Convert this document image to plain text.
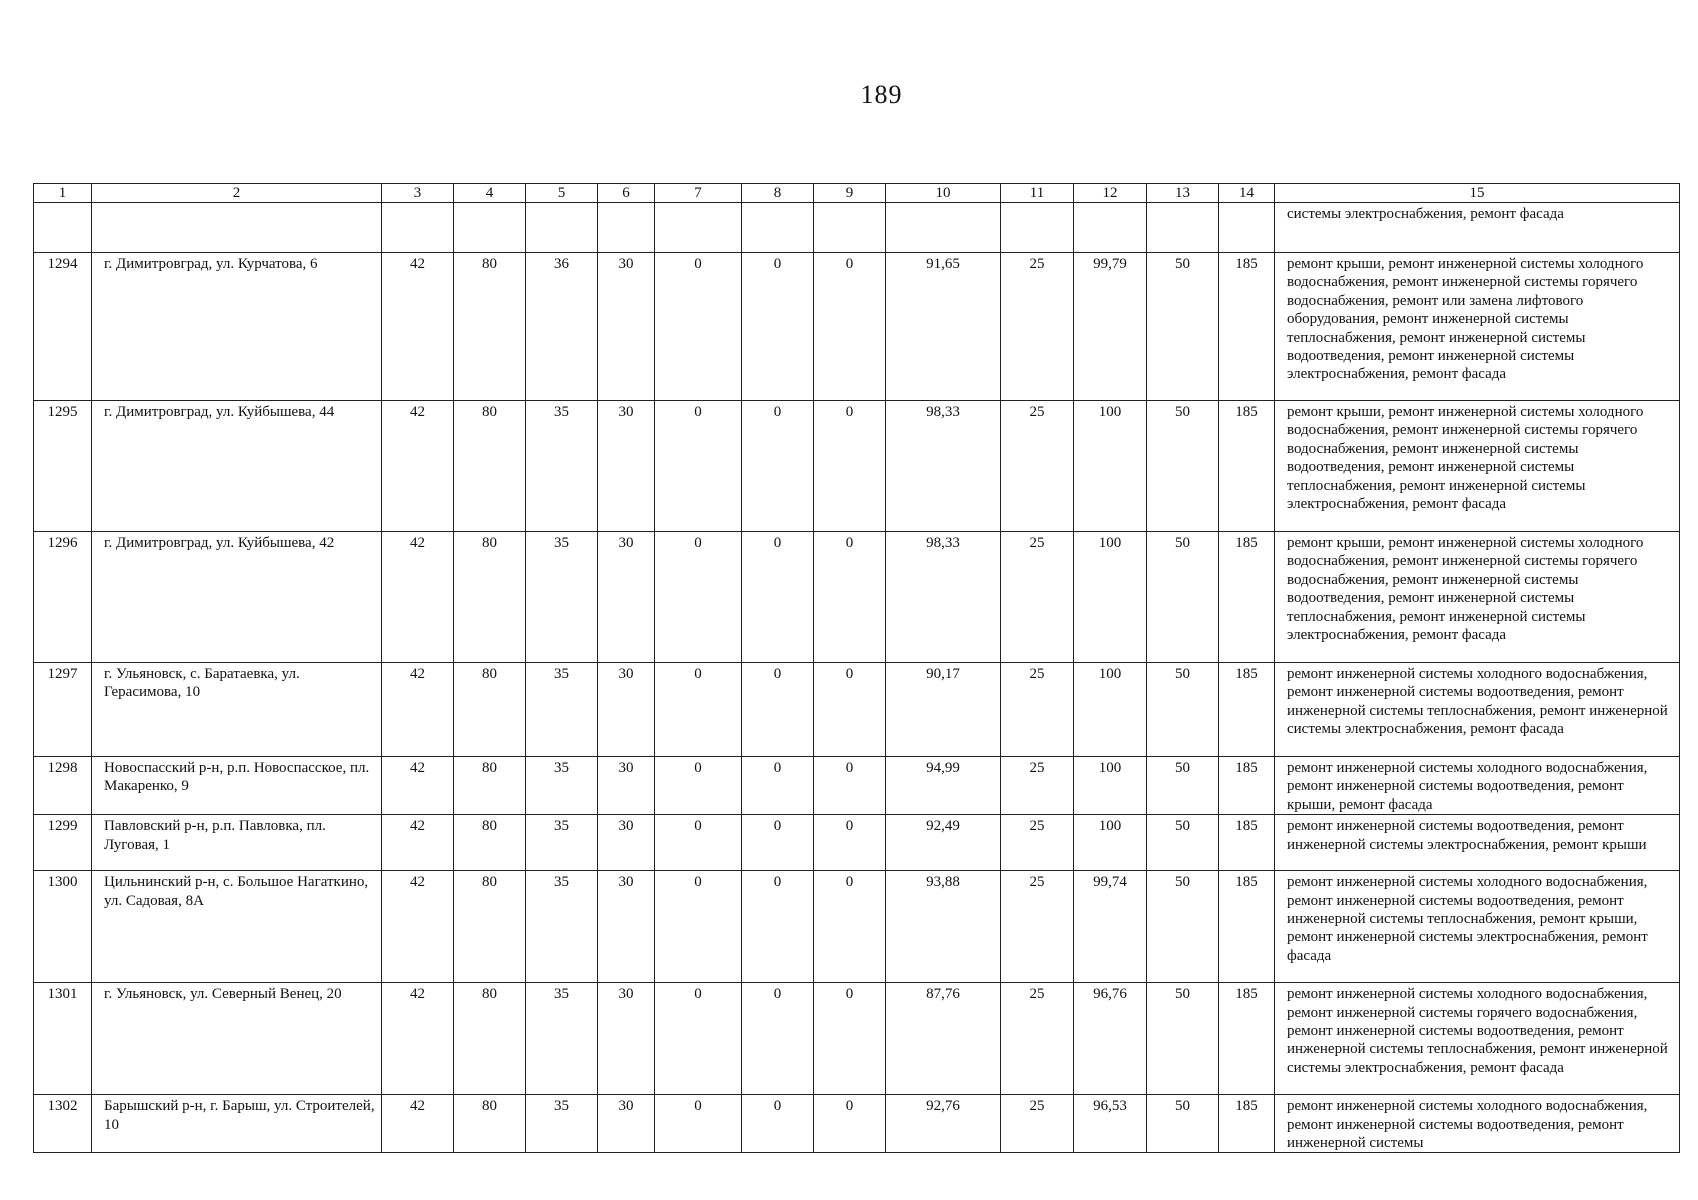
189
1	2	3	4	5	6	7	8	9	10	11	12	13	14	15
														системы электроснабжения, ремонт фасада
1294	г. Димитровград, ул. Курчатова, 6	42	80	36	30	0	0	0	91,65	25	99,79	50	185	ремонт крыши, ремонт инженерной системы холодного водоснабжения, ремонт инженерной системы горячего водоснабжения, ремонт или замена лифтового оборудования, ремонт инженерной системы теплоснабжения, ремонт инженерной системы водоотведения, ремонт инженерной системы электроснабжения, ремонт фасада
1295	г. Димитровград, ул. Куйбышева, 44	42	80	35	30	0	0	0	98,33	25	100	50	185	ремонт крыши, ремонт инженерной системы холодного водоснабжения, ремонт инженерной системы горячего водоснабжения, ремонт инженерной системы водоотведения, ремонт инженерной системы теплоснабжения, ремонт инженерной системы электроснабжения, ремонт фасада
1296	г. Димитровград, ул. Куйбышева, 42	42	80	35	30	0	0	0	98,33	25	100	50	185	ремонт крыши, ремонт инженерной системы холодного водоснабжения, ремонт инженерной системы горячего водоснабжения, ремонт инженерной системы водоотведения, ремонт инженерной системы теплоснабжения, ремонт инженерной системы электроснабжения, ремонт фасада
1297	г. Ульяновск, с. Баратаевка, ул. Герасимова, 10	42	80	35	30	0	0	0	90,17	25	100	50	185	ремонт инженерной системы холодного водоснабжения, ремонт инженерной системы водоотведения, ремонт инженерной системы теплоснабжения, ремонт инженерной системы электроснабжения, ремонт фасада
1298	Новоспасский р-н, р.п. Новоспасское, пл. Макаренко, 9	42	80	35	30	0	0	0	94,99	25	100	50	185	ремонт инженерной системы холодного водоснабжения, ремонт инженерной системы водоотведения, ремонт крыши, ремонт фасада
1299	Павловский р-н, р.п. Павловка, пл. Луговая, 1	42	80	35	30	0	0	0	92,49	25	100	50	185	ремонт инженерной системы водоотведения, ремонт инженерной системы электроснабжения, ремонт крыши
1300	Цильнинский р-н, с. Большое Нагаткино, ул. Садовая, 8А	42	80	35	30	0	0	0	93,88	25	99,74	50	185	ремонт инженерной системы холодного водоснабжения, ремонт инженерной системы водоотведения, ремонт инженерной системы теплоснабжения, ремонт крыши, ремонт инженерной системы электроснабжения, ремонт фасада
1301	г. Ульяновск, ул. Северный Венец, 20	42	80	35	30	0	0	0	87,76	25	96,76	50	185	ремонт инженерной системы холодного водоснабжения, ремонт инженерной системы горячего водоснабжения, ремонт инженерной системы водоотведения, ремонт инженерной системы теплоснабжения, ремонт инженерной системы электроснабжения, ремонт фасада
1302	Барышский р-н, г. Барыш, ул. Строителей, 10	42	80	35	30	0	0	0	92,76	25	96,53	50	185	ремонт инженерной системы холодного водоснабжения, ремонт инженерной системы водоотведения, ремонт инженерной системы
